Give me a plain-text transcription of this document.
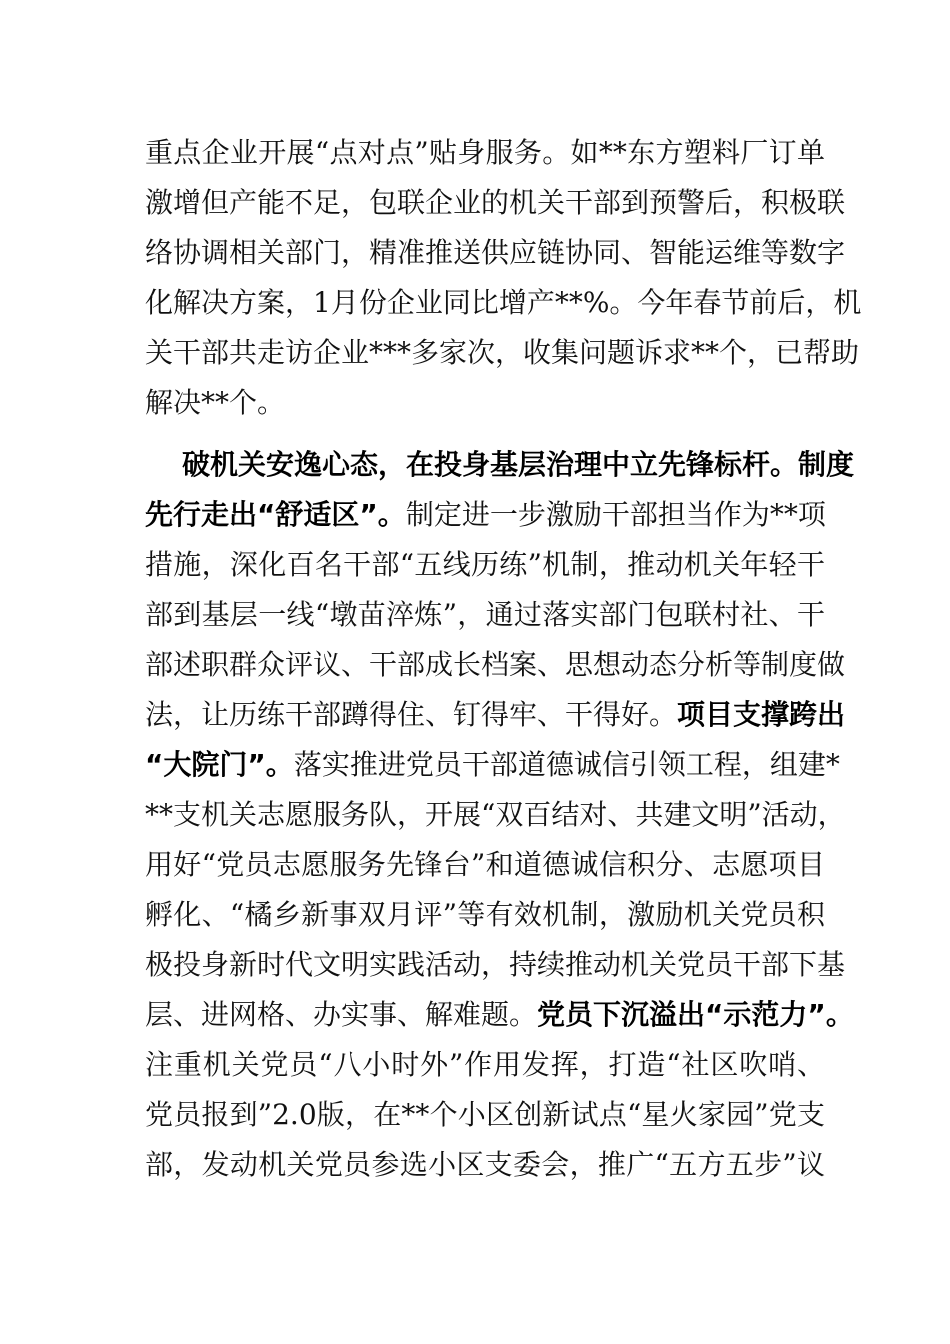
重点企业开展“点对点”贴身服务。如**东方塑料厂订单
激增但产能不足，包联企业的机关干部到预警后，积极联
络协调相关部门，精准推送供应链协同、智能运维等数字
化解决方案，1月份企业同比增产**%。今年春节前后，机
关干部共走访企业***多家次，收集问题诉求**个，已帮助
解决**个。
破机关安逸心态，在投身基层治理中立先锋标杆。制度
先行走出“舒适区”。制定进一步激励干部担当作为**项
措施，深化百名干部“五线历练”机制，推动机关年轻干
部到基层一线“墩苗淬炼”，通过落实部门包联村社、干
部述职群众评议、干部成长档案、思想动态分析等制度做
法，让历练干部蹲得住、钉得牢、干得好。项目支撑跨出
“大院门”。落实推进党员干部道德诚信引领工程，组建*
**支机关志愿服务队，开展“双百结对、共建文明”活动，
用好“党员志愿服务先锋台”和道德诚信积分、志愿项目
孵化、“橘乡新事双月评”等有效机制，激励机关党员积
极投身新时代文明实践活动，持续推动机关党员干部下基
层、进网格、办实事、解难题。党员下沉溢出“示范力”。
注重机关党员“八小时外”作用发挥，打造“社区吹哨、
党员报到”2.0版，在**个小区创新试点“星火家园”党支
部，发动机关党员参选小区支委会，推广“五方五步”议
